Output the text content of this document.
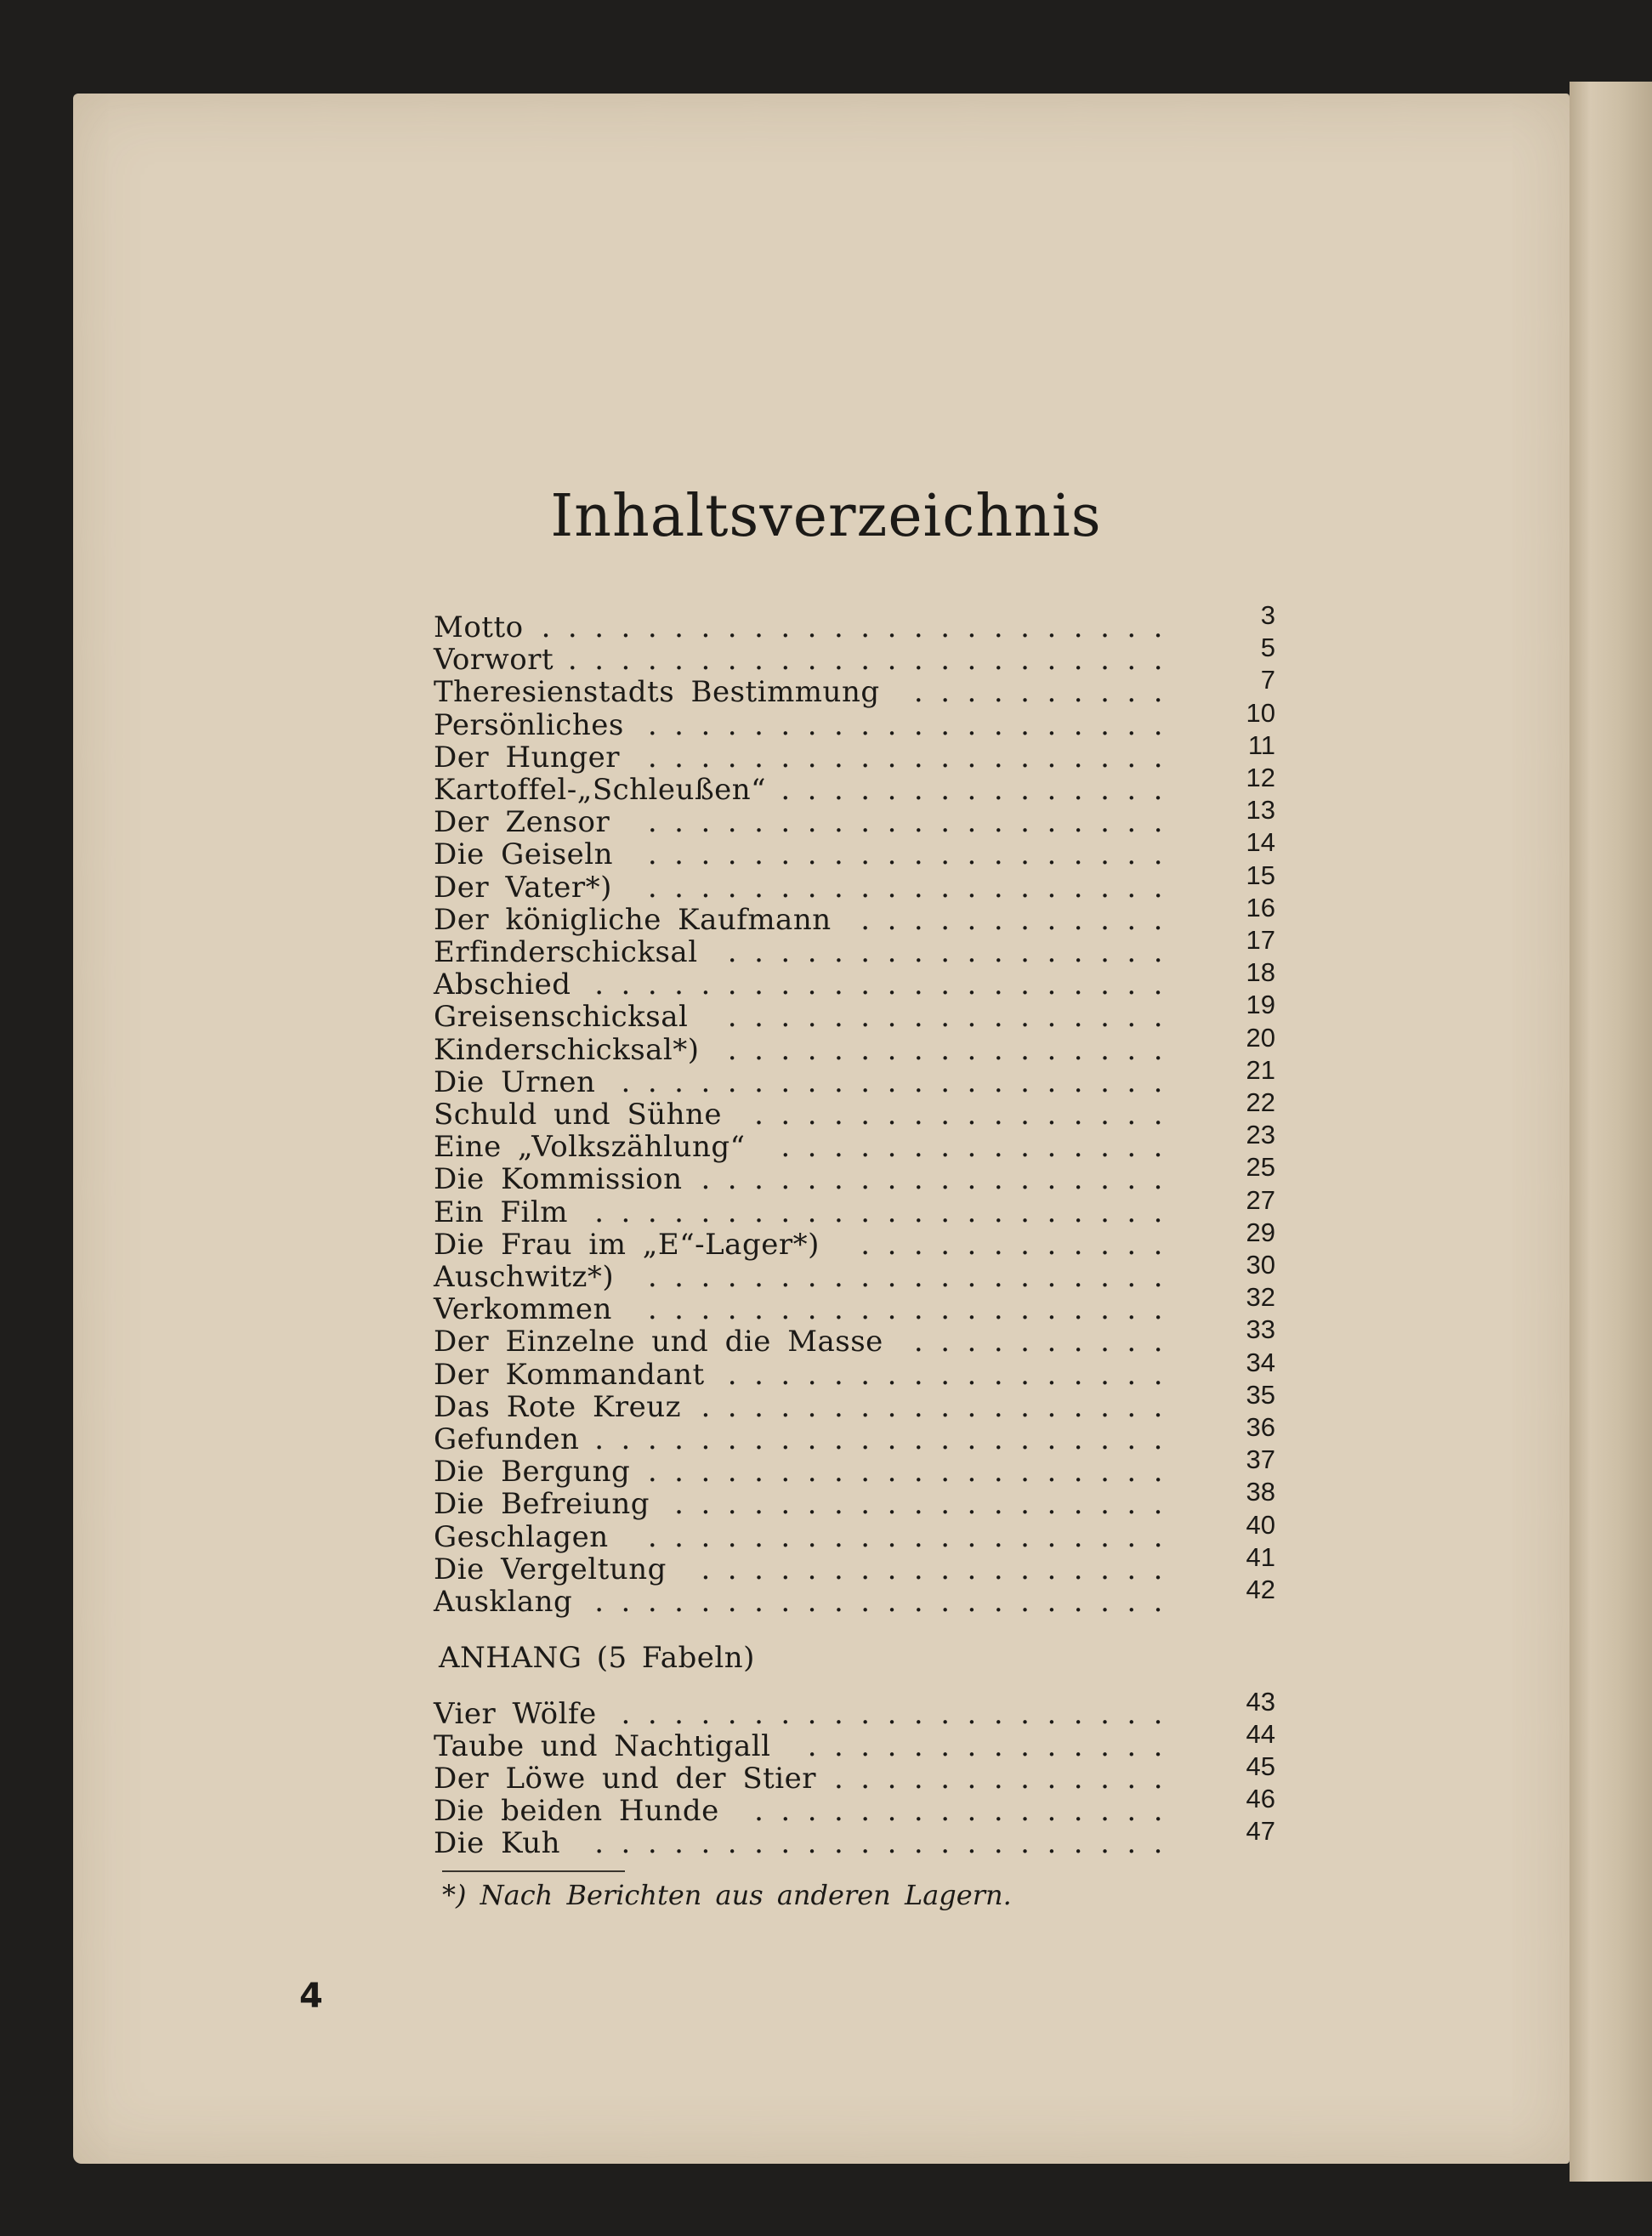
Inhaltsverzeichnis
Motto ........................	3
Vorwort .......................	5
Theresienstadts Bestimmung ..........	7
Persönliches ....................	10
Der Hunger ....................	11
Kartoffel-„Schleußen“ ...............	12
Der Zensor ....................	13
Die Geiseln ....................	14
Der Vater*) ....................	15
Der königliche Kaufmann ............	16
Erfinderschicksal .................	17
Abschied ......................	18
Greisenschicksal .................	19
Kinderschicksal*) .................	20
Die Urnen .....................	21
Schuld und Sühne ................	22
Eine „Volkszählung“ ...............	23
Die Kommission ..................	25
Ein Film ......................	27
Die Frau im „E“-Lager*) ............	29
Auschwitz*) ....................	30
Verkommen ....................	32
Der Einzelne und die Masse ..........	33
Der Kommandant .................	34
Das Rote Kreuz ..................	35
Gefunden ......................	36
Die Bergung ....................	37
Die Befreiung ...................	38
Geschlagen ....................	40
Die Vergeltung ..................	41
Ausklang ......................	42
ANHANG (5 Fabeln)
Vier Wölfe .....................	43
Taube und Nachtigall ..............	44
Der Löwe und der Stier .............	45
Die beiden Hunde ................	46
Die Kuh ......................	47
*) Nach Berichten aus anderen Lagern.
4
